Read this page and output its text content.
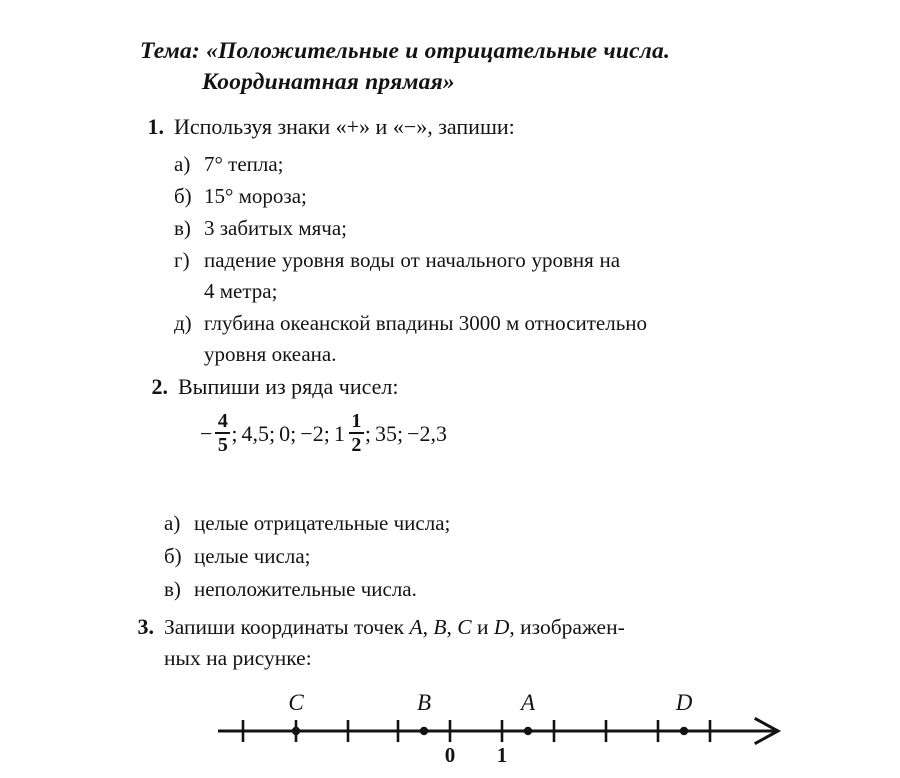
Тема: «Положительные и отрицательные числа.
Координатная прямая»
1. Используя знаки «+» и «−», запиши:
а) 7° тепла;
б) 15° мороза;
в) 3 забитых мяча;
г) падение уровня воды от начального уровня на
4 метра;
д) глубина океанской впадины 3000 м относительно
уровня океана.
2. Выпиши из ряда чисел:
− $\frac{4}{5}$ ; 4,5 ; 0 ; −2 ; $1 \frac{1}{2}$ ; 35 ; −2,3
а) целые отрицательные числа;
б) целые числа;
в) неположительные числа.
3. Запиши координаты точек A, B, C и D, изображен-
ных на рисунке:
C	B	A	D
0 1
